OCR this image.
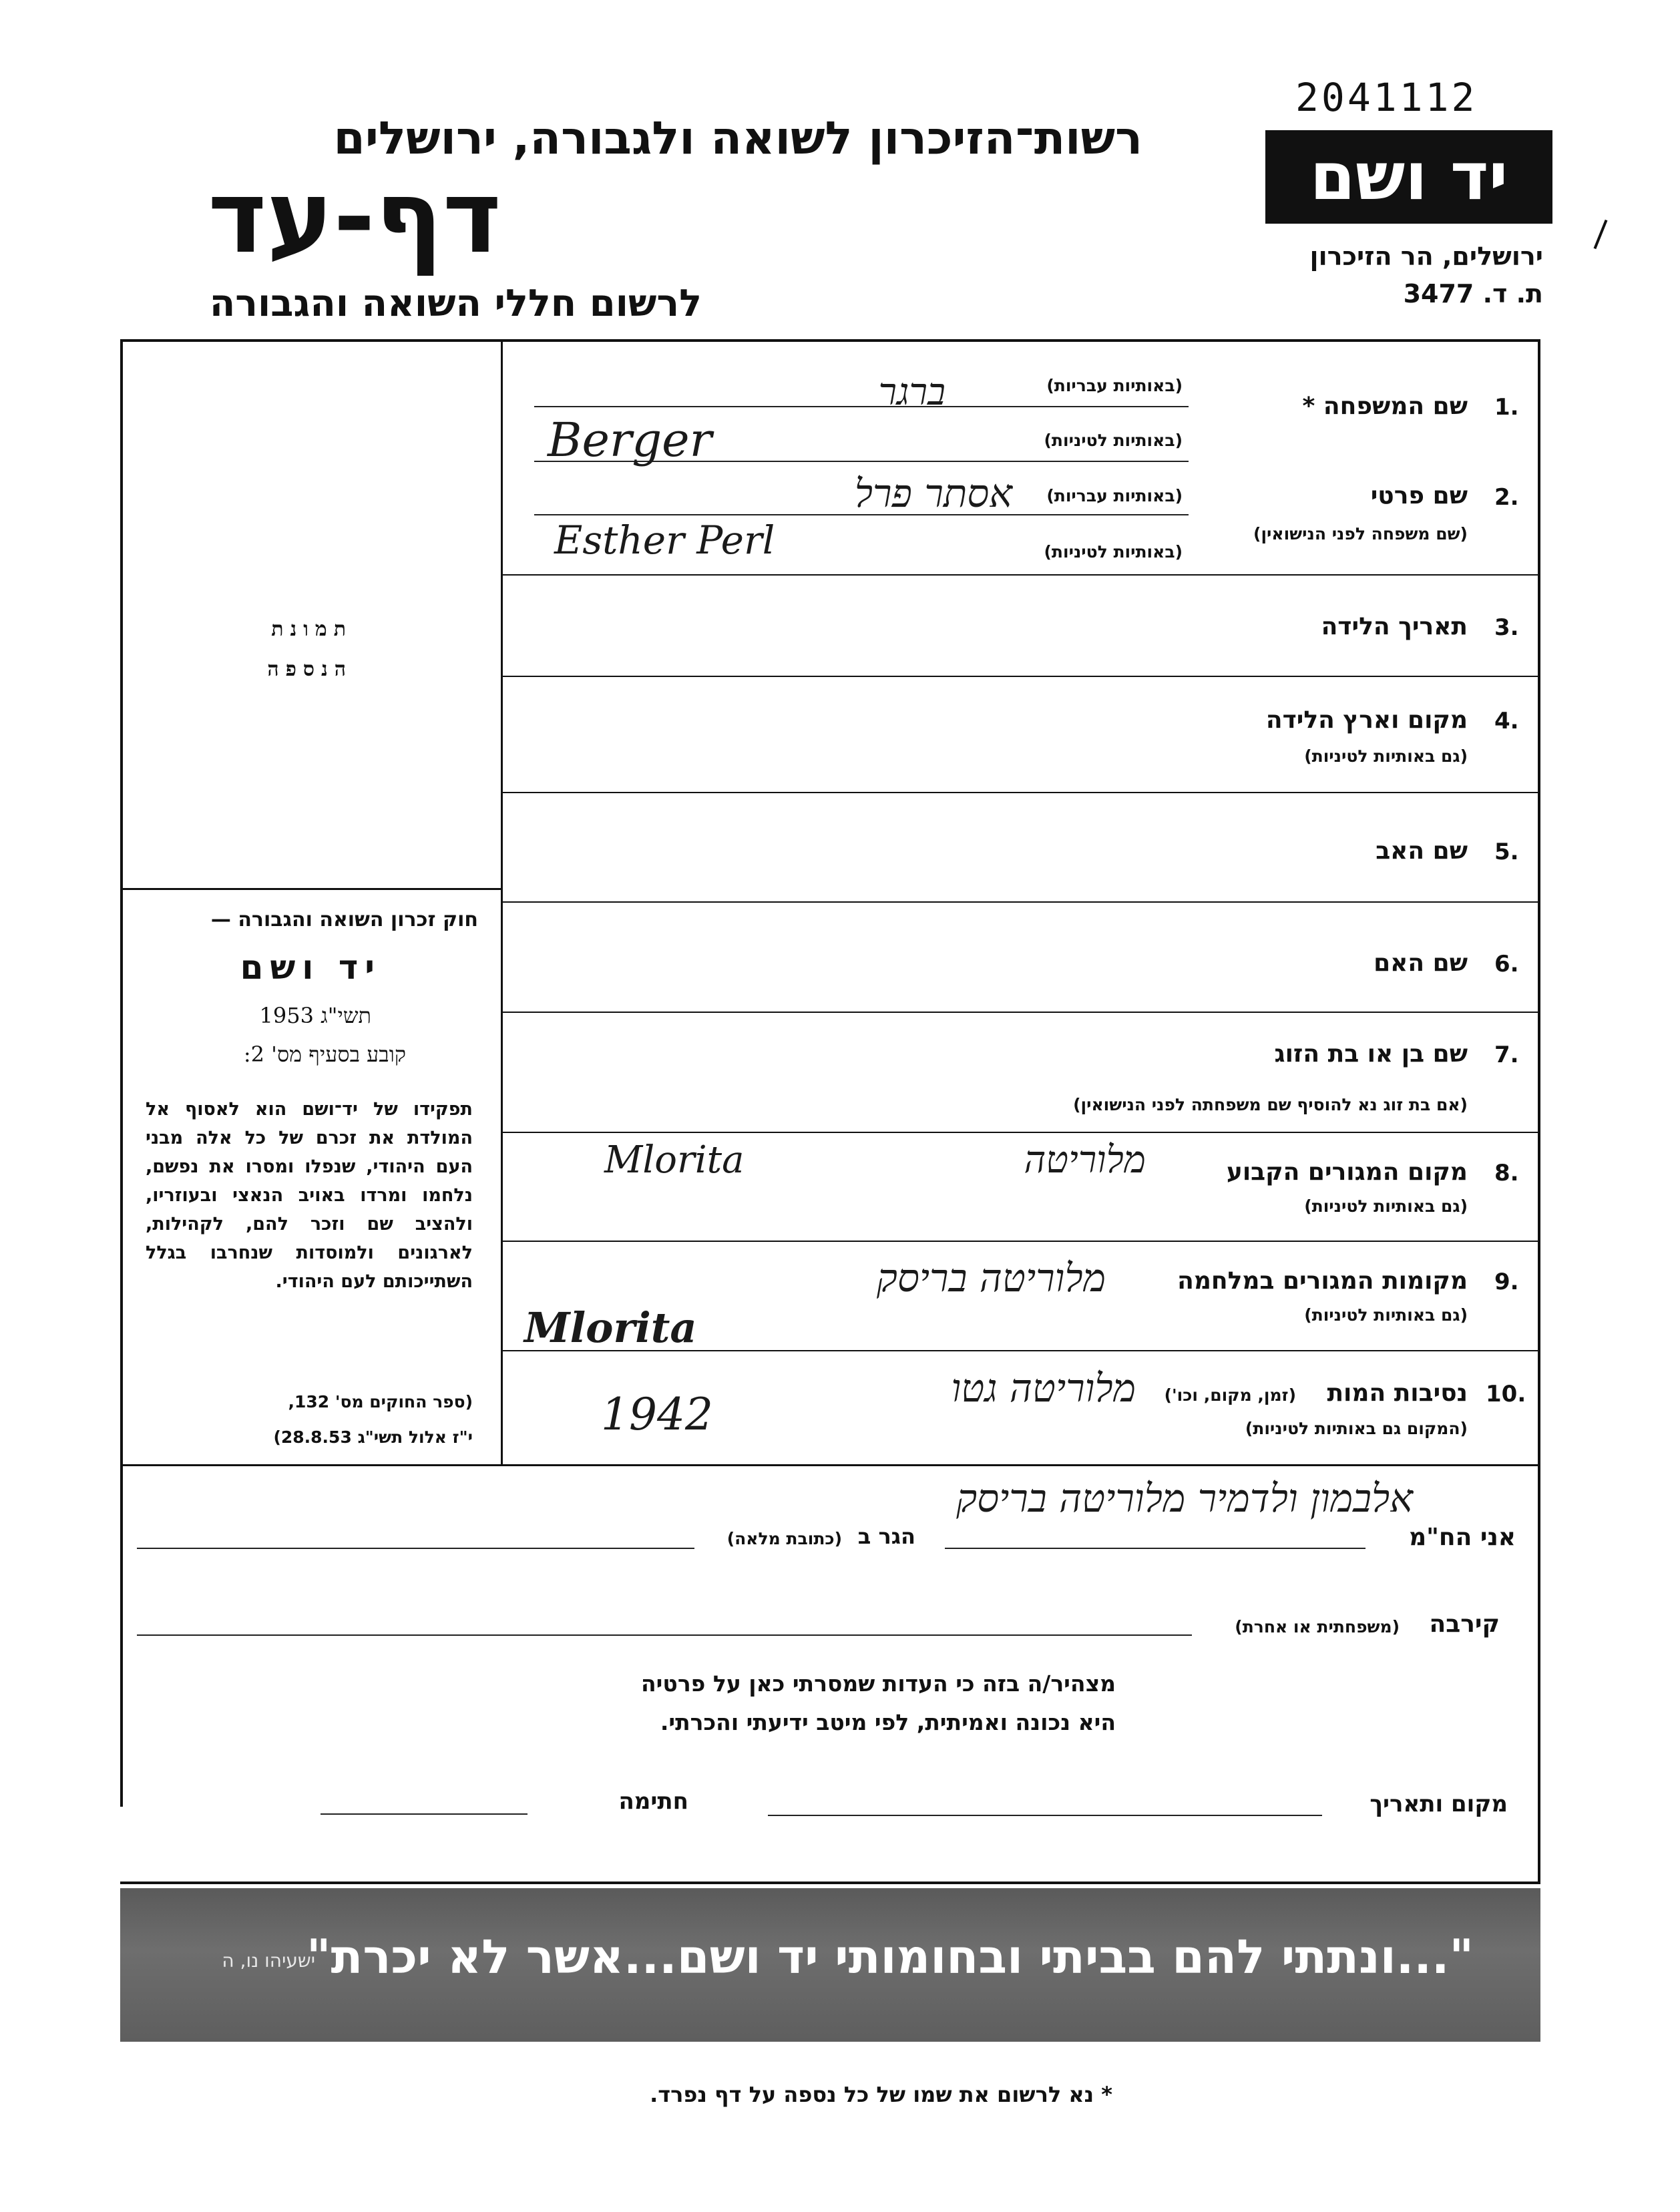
2041112
יד ושם
ירושלים, הר הזיכרון
ת. ד. 3477
רשות־הזיכרון לשואה ולגבורה, ירושלים
דף-עד
לרשום חללי השואה והגבורה
תמונת
הנספה
חוק זכרון השואה והגבורה —
יד ושם
תשי"ג 1953
קובע בסעיף מס' 2:
תפקידו של יד־ושם הוא לאסוף אל המולדת את זכרם של כל אלה מבני העם היהודי, שנפלו ומסרו את נפשם, נלחמו ומרדו באויב הנאצי ובעוזריו, ולהציב שם וזכר להם, לקהילות, לארגונים ולמוסדות שנחרבו בגלל השתייכותם לעם היהודי.
(ספר החוקים מס' 132,
י"ז אלול תשי"ג 28.8.53)
1.
שם המשפחה *
(באותיות עבריות)
ברגר
(באותיות לטיניות)
Berger
2.
שם פרטי
(שם משפחה לפני הנישואין)
(באותיות עבריות)
אסתר פרל
(באותיות לטיניות)
Esther Perl
3.
תאריך הלידה
4.
מקום וארץ הלידה
(גם באותיות לטיניות)
5.
שם האב
6.
שם האם
7.
שם בן או בת הזוג
(אם בת זוג נא להוסיף שם משפחתה לפני הנישואין)
8.
מקום המגורים הקבוע
(גם באותיות לטיניות)
מלוריטה
Mlorita
9.
מקומות המגורים במלחמה
(גם באותיות לטיניות)
מלוריטה בריסק
Mlorita
10.
נסיבות המות
(זמן, מקום, וכו')
(המקום גם באותיות לטיניות)
מלוריטה גטו
1942
אני הח"מ
אלבמון ולדמיר מלוריטה בריסק
הגר ב
(כתובת מלאה)
קירבה
(משפחתית או אחרת)
מצהיר/ה בזה כי העדות שמסרתי כאן על פרטיה
היא נכונה ואמיתית, לפי מיטב ידיעתי והכרתי.
מקום ותאריך
חתימה
"...ונתתי להם בביתי ובחומותי יד ושם...אשר לא יכרת"
ישעיהו נו, ה
* נא לרשום את שמו של כל נספה על דף נפרד.
